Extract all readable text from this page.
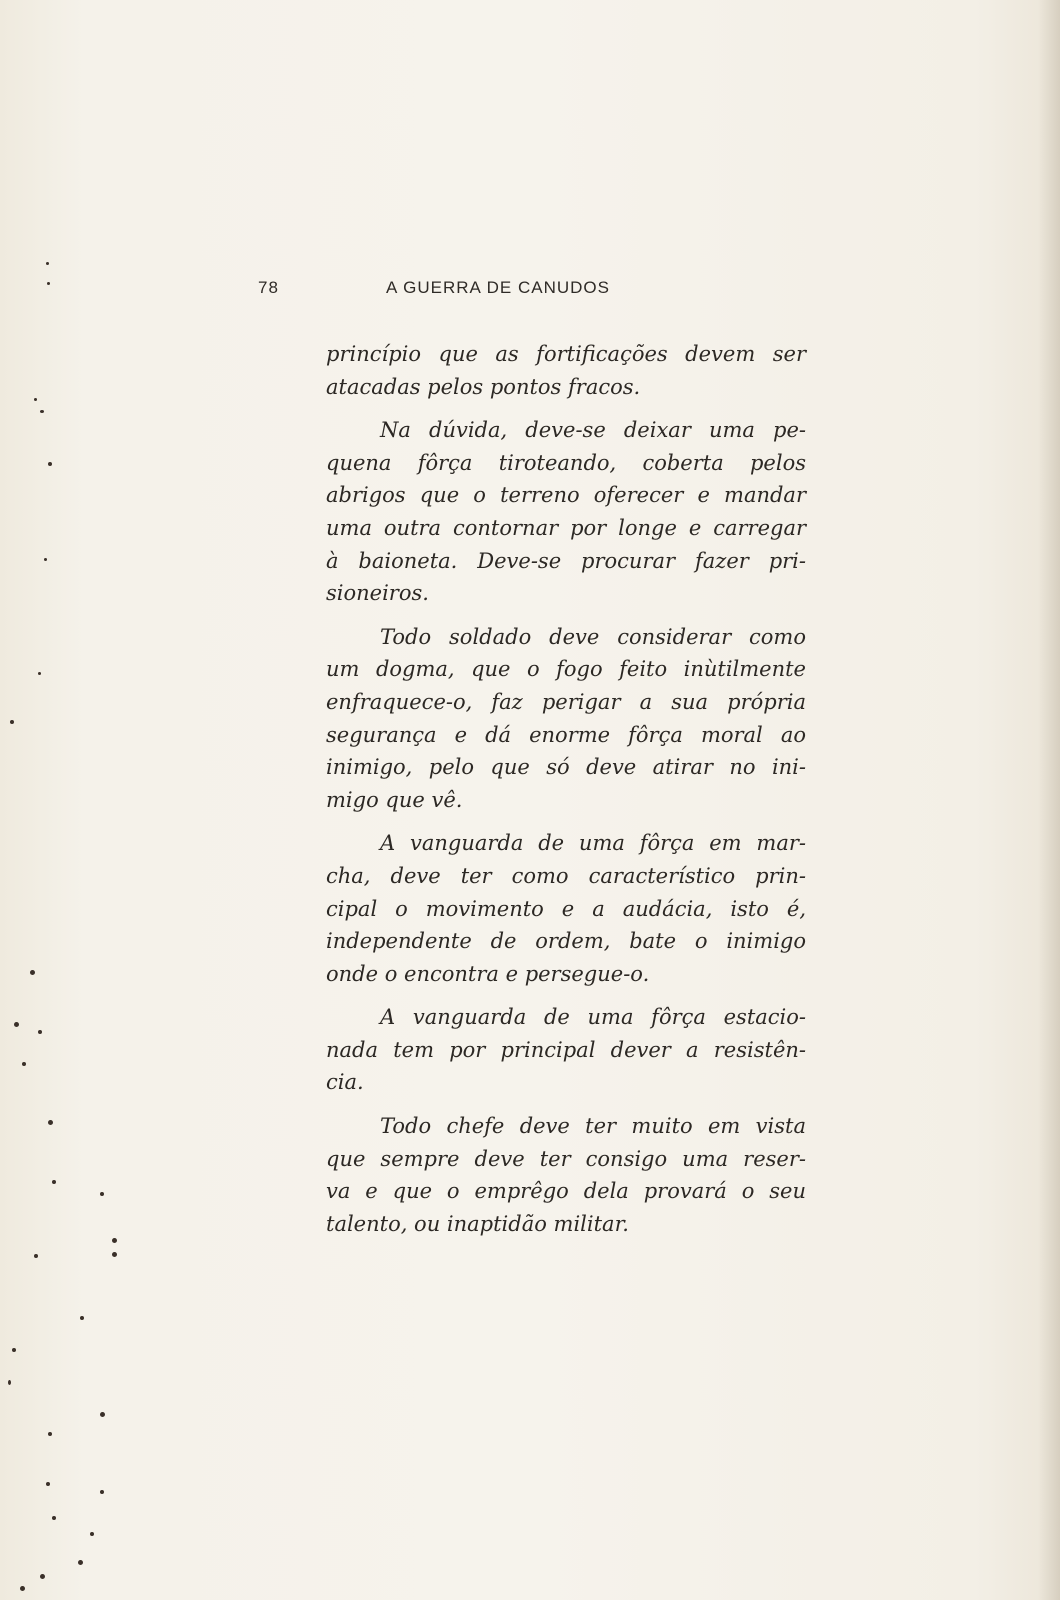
78	A GUERRA DE CANUDOS

princípio que as fortificações devem ser
atacadas pelos pontos fracos.

Na dúvida, deve-se deixar uma pe-
quena fôrça tiroteando, coberta pelos
abrigos que o terreno oferecer e mandar
uma outra contornar por longe e carregar
à baioneta. Deve-se procurar fazer pri-
sioneiros.

Todo soldado deve considerar como
um dogma, que o fogo feito inùtilmente
enfraquece-o, faz perigar a sua própria
segurança e dá enorme fôrça moral ao
inimigo, pelo que só deve atirar no ini-
migo que vê.

A vanguarda de uma fôrça em mar-
cha, deve ter como característico prin-
cipal o movimento e a audácia, isto é,
independente de ordem, bate o inimigo
onde o encontra e persegue-o.

A vanguarda de uma fôrça estacio-
nada tem por principal dever a resistên-
cia.

Todo chefe deve ter muito em vista
que sempre deve ter consigo uma reser-
va e que o emprêgo dela provará o seu
talento, ou inaptidão militar.
